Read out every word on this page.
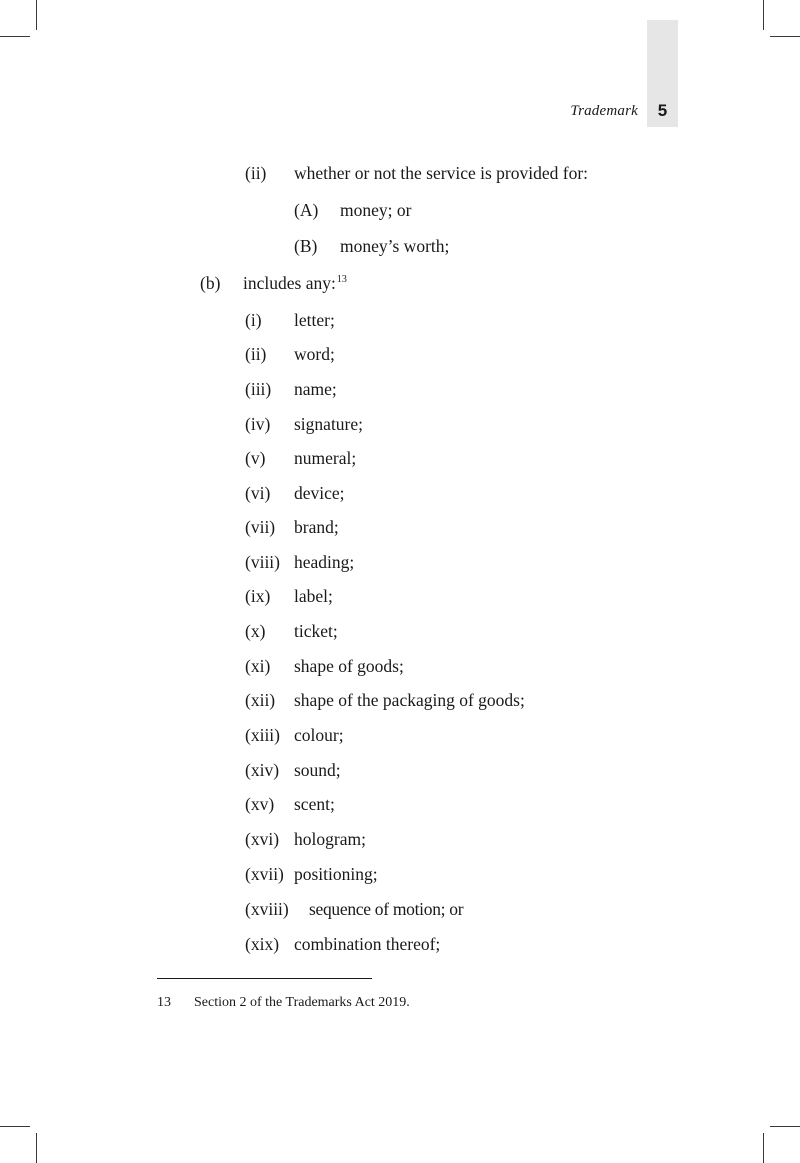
Trademark	5
(ii) whether or not the service is provided for:
(A) money; or
(B) money’s worth;
(b) includes any:$^{13}$
(i) letter;
(ii) word;
(iii) name;
(iv) signature;
(v) numeral;
(vi) device;
(vii) brand;
(viii) heading;
(ix) label;
(x) ticket;
(xi) shape of goods;
(xii) shape of the packaging of goods;
(xiii) colour;
(xiv) sound;
(xv) scent;
(xvi) hologram;
(xvii) positioning;
(xviii) sequence of motion; or
(xix) combination thereof;
13 Section 2 of the Trademarks Act 2019.
